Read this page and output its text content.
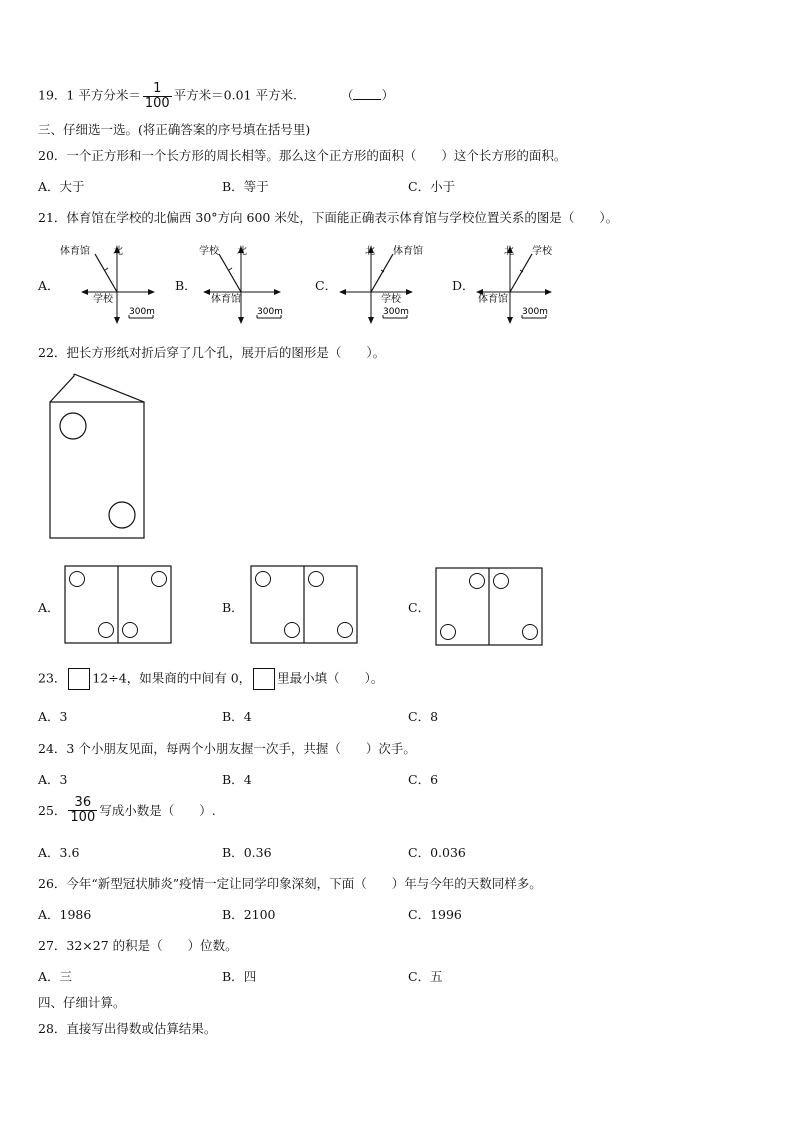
19．1 平方分米＝ $\frac{1}{100}$ 平方米＝0.01 平方米.	（ ）
三、仔细选一选。(将正确答案的序号填在括号里)
20．一个正方形和一个长方形的周长相等。那么这个正方形的面积（　　）这个长方形的面积。
A．大于	B．等于	C．小于
21．体育馆在学校的北偏西 30°方向 600 米处，下面能正确表示体育馆与学校位置关系的图是（　　）。
A．
体育馆 北
学校
300m
B．
学校 北
体育馆
300m
C．
北 体育馆
学校
300m
D．
北 学校
体育馆
300m
22．把长方形纸对折后穿了几个孔，展开后的图形是（　　）。
A．	B．	C．
23． 12÷4，如果商的中间有 0， 里最小填（　　）。
A．3	B．4	C．8
24．3 个小朋友见面，每两个小朋友握一次手，共握（　　）次手。
A．3	B．4	C．6
25． $\frac{36}{100}$ 写成小数是（　　）.
A．3.6	B．0.36	C．0.036
26．今年“新型冠状肺炎”疫情一定让同学印象深刻，下面（　　）年与今年的天数同样多。
A．1986	B．2100	C．1996
27．32×27 的积是（　　）位数。
A．三	B．四	C．五
四、仔细计算。
28．直接写出得数或估算结果。
